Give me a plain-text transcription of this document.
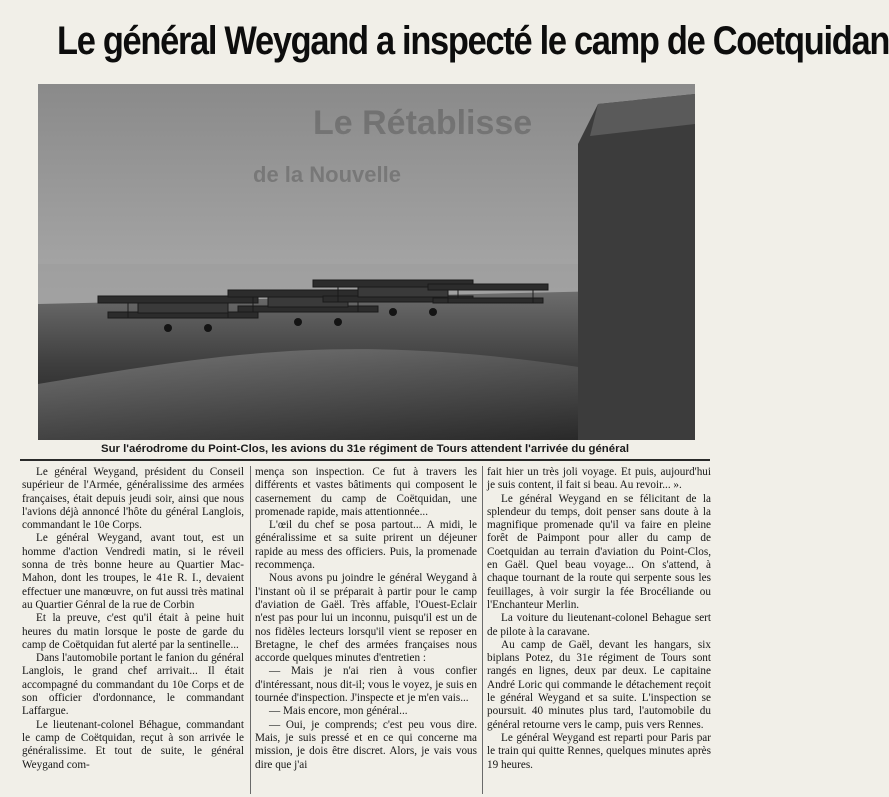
Le général Weygand a inspecté le camp de Coetquidan
Le Rétablisse
de la Nouvelle

Sur l'aérodrome du Point-Clos, les avions du 31e régiment de Tours attendent l'arrivée du général

Le général Weygand, président du Conseil supérieur de l'Armée, généralissime des armées françaises, était depuis jeudi soir, ainsi que nous l'avions déjà annoncé l'hôte du général Langlois, commandant le 10e Corps.

Le général Weygand, avant tout, est un homme d'action Vendredi matin, si le réveil sonna de très bonne heure au Quartier Mac-Mahon, dont les troupes, le 41e R. I., devaient effectuer une manœuvre, on fut aussi très matinal au Quartier Génral de la rue de Corbin

Et la preuve, c'est qu'il était à peine huit heures du matin lorsque le poste de garde du camp de Coëtquidan fut alerté par la sentinelle...

Dans l'automobile portant le fanion du général Langlois, le grand chef arrivait... Il était accompagné du commandant du 10e Corps et de son officier d'ordonnance, le commandant Laffargue.

Le lieutenant-colonel Béhague, commandant le camp de Coëtquidan, reçut à son arrivée le généralissime. Et tout de suite, le général Weygand com-

mença son inspection. Ce fut à travers les différents et vastes bâtiments qui composent le casernement du camp de Coëtquidan, une promenade rapide, mais attentionnée...

L'œil du chef se posa partout... A midi, le généralissime et sa suite prirent un déjeuner rapide au mess des officiers. Puis, la promenade recommença.

Nous avons pu joindre le général Weygand à l'instant où il se préparait à partir pour le camp d'aviation de Gaël. Très affable, l'Ouest-Eclair n'est pas pour lui un inconnu, puisqu'il est un de nos fidèles lecteurs lorsqu'il vient se reposer en Bretagne, le chef des armées françaises nous accorde quelques minutes d'entretien :

— Mais je n'ai rien à vous confier d'intéressant, nous dit-il; vous le voyez, je suis en tournée d'inspection. J'inspecte et je m'en vais...

— Mais encore, mon général...

— Oui, je comprends; c'est peu vous dire. Mais, je suis pressé et en ce qui concerne ma mission, je dois être discret. Alors, je vais vous dire que j'ai

fait hier un très joli voyage. Et puis, aujourd'hui je suis content, il fait si beau. Au revoir... ».

Le général Weygand en se félicitant de la splendeur du temps, doit penser sans doute à la magnifique promenade qu'il va faire en pleine forêt de Paimpont pour aller du camp de Coetquidan au terrain d'aviation du Point-Clos, en Gaël. Quel beau voyage... On s'attend, à chaque tournant de la route qui serpente sous les feuillages, à voir surgir la fée Brocéliande ou l'Enchanteur Merlin.

La voiture du lieutenant-colonel Behague sert de pilote à la caravane.

Au camp de Gaël, devant les hangars, six biplans Potez, du 31e régiment de Tours sont rangés en lignes, deux par deux. Le capitaine André Loric qui commande le détachement reçoit le général Weygand et sa suite. L'inspection se poursuit. 40 minutes plus tard, l'automobile du général retourne vers le camp, puis vers Rennes.

Le général Weygand est reparti pour Paris par le train qui quitte Rennes, quelques minutes après 19 heures.
